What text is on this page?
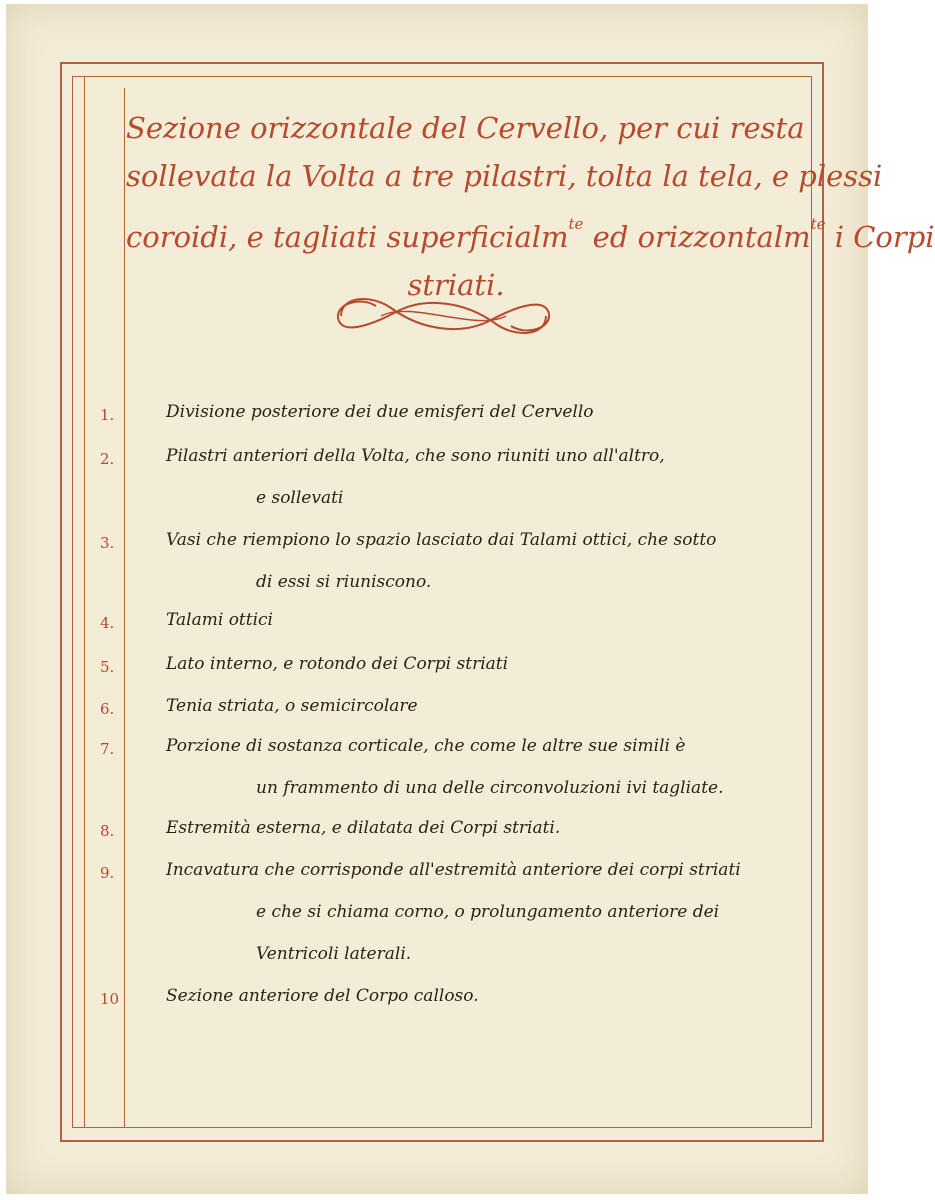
Sezione orizzontale del Cervello, per cui resta
sollevata la Volta a tre pilastri, tolta la tela, e plessi
coroidi, e tagliati superficialm$^{te}$ ed orizzontalm$^{te}$ i Corpi
striati.
1.	Divisione posteriore dei due emisferi del Cervello
2.	Pilastri anteriori della Volta, che sono riuniti uno all'altro,
e sollevati
3.	Vasi che riempiono lo spazio lasciato dai Talami ottici, che sotto
di essi si riuniscono.
4.	Talami ottici
5.	Lato interno, e rotondo dei Corpi striati
6.	Tenia striata, o semicircolare
7.	Porzione di sostanza corticale, che come le altre sue simili è
un frammento di una delle circonvoluzioni ivi tagliate.
8.	Estremità esterna, e dilatata dei Corpi striati.
9.	Incavatura che corrisponde all'estremità anteriore dei corpi striati
e che si chiama corno, o prolungamento anteriore dei
Ventricoli laterali.
10	Sezione anteriore del Corpo calloso.
